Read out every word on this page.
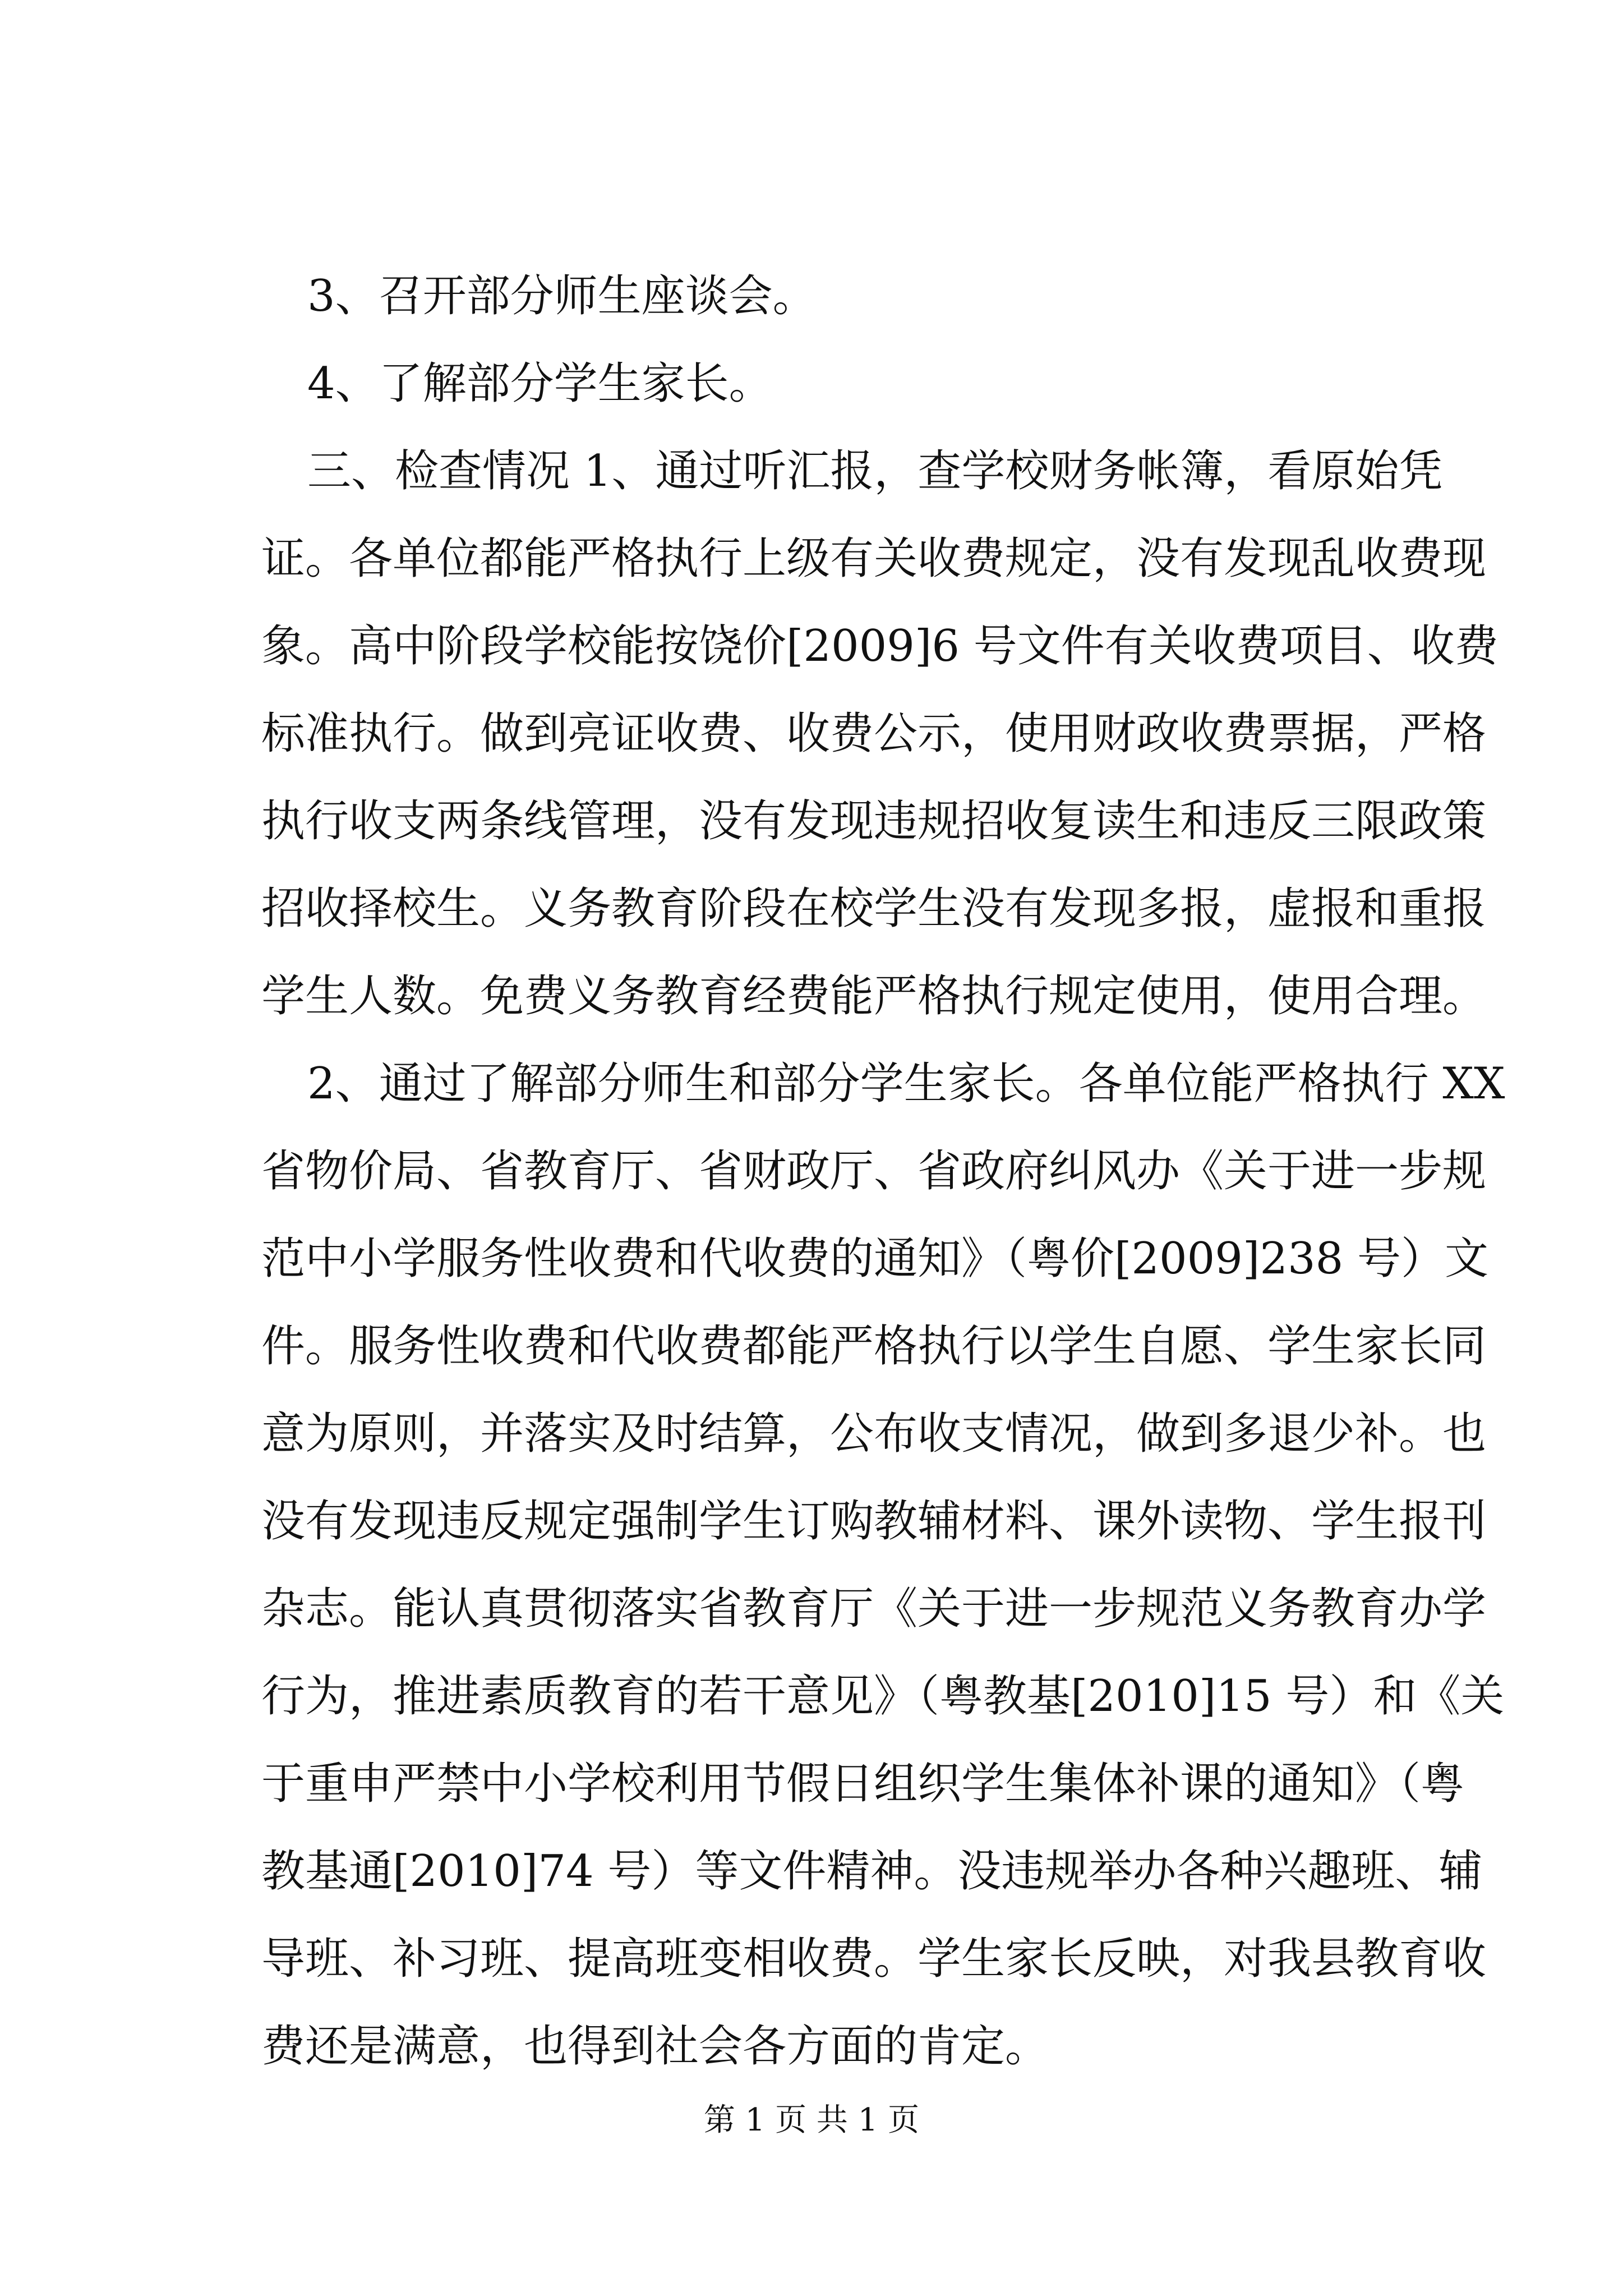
3、召开部分师生座谈会。

4、了解部分学生家长。

三、检查情况 1、通过听汇报，查学校财务帐簿，看原始凭

证。各单位都能严格执行上级有关收费规定，没有发现乱收费现

象。高中阶段学校能按饶价[2009]6 号文件有关收费项目、收费

标准执行。做到亮证收费、收费公示，使用财政收费票据，严格

执行收支两条线管理，没有发现违规招收复读生和违反三限政策

招收择校生。义务教育阶段在校学生没有发现多报，虚报和重报

学生人数。免费义务教育经费能严格执行规定使用，使用合理。

2、通过了解部分师生和部分学生家长。各单位能严格执行 XX

省物价局、省教育厅、省财政厅、省政府纠风办《关于进一步规

范中小学服务性收费和代收费的通知》（粤价[2009]238 号）文

件。服务性收费和代收费都能严格执行以学生自愿、学生家长同

意为原则，并落实及时结算，公布收支情况，做到多退少补。也

没有发现违反规定强制学生订购教辅材料、课外读物、学生报刊

杂志。能认真贯彻落实省教育厅《关于进一步规范义务教育办学

行为，推进素质教育的若干意见》（粤教基[2010]15 号）和《关

于重申严禁中小学校利用节假日组织学生集体补课的通知》（粤

教基通[2010]74 号）等文件精神。没违规举办各种兴趣班、辅

导班、补习班、提高班变相收费。学生家长反映，对我县教育收

费还是满意，也得到社会各方面的肯定。

第 1 页 共 1 页
